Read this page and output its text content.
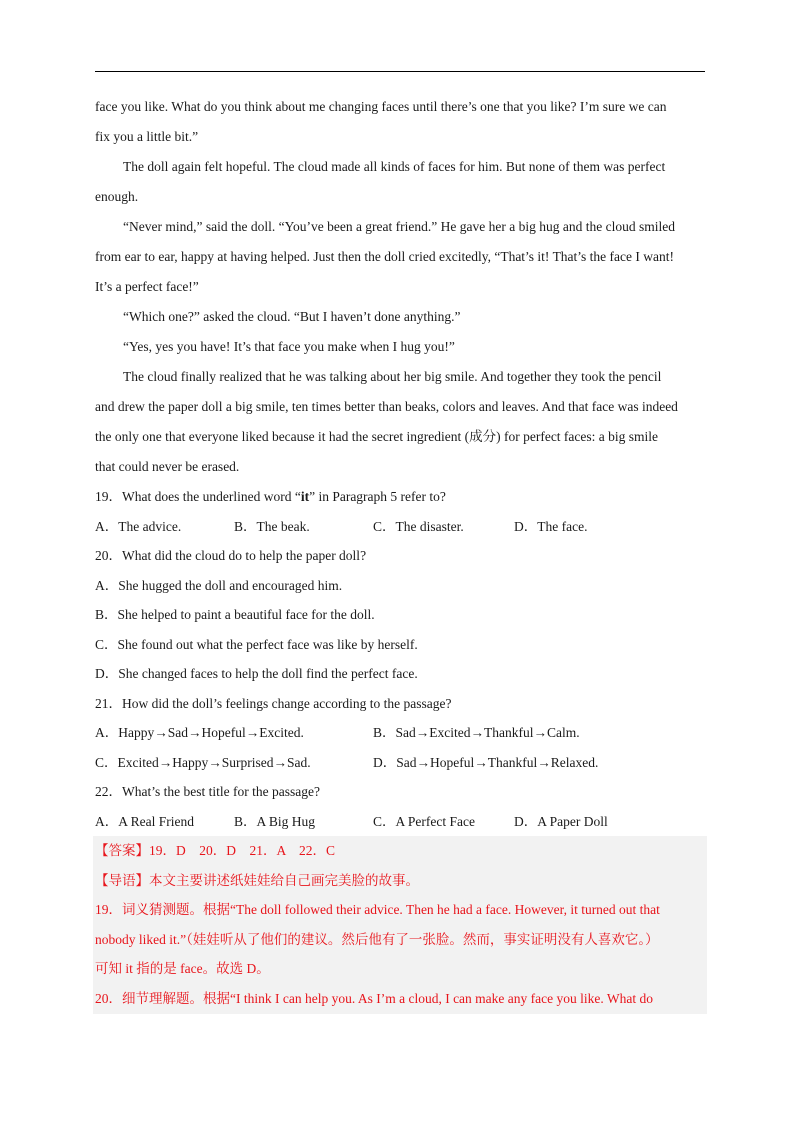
face you like. What do you think about me changing faces until there’s one that you like? I’m sure we can
fix you a little bit.”
The doll again felt hopeful. The cloud made all kinds of faces for him. But none of them was perfect
enough.
“Never mind,” said the doll. “You’ve been a great friend.” He gave her a big hug and the cloud smiled
from ear to ear, happy at having helped. Just then the doll cried excitedly, “That’s it! That’s the face I want!
It’s a perfect face!”
“Which one?” asked the cloud. “But I haven’t done anything.”
“Yes, yes you have! It’s that face you make when I hug you!”
The cloud finally realized that he was talking about her big smile. And together they took the pencil
and drew the paper doll a big smile, ten times better than beaks, colors and leaves. And that face was indeed
the only one that everyone liked because it had the secret ingredient (成分) for perfect faces: a big smile
that could never be erased.
19．What does the underlined word “it” in Paragraph 5 refer to?
A．The advice.	B．The beak.	C．The disaster.	D．The face.
20．What did the cloud do to help the paper doll?
A．She hugged the doll and encouraged him.
B．She helped to paint a beautiful face for the doll.
C．She found out what the perfect face was like by herself.
D．She changed faces to help the doll find the perfect face.
21．How did the doll’s feelings change according to the passage?
A．Happy→Sad→Hopeful→Excited.	B．Sad→Excited→Thankful→Calm.
C．Excited→Happy→Surprised→Sad.	D．Sad→Hopeful→Thankful→Relaxed.
22．What’s the best title for the passage?
A．A Real Friend	B．A Big Hug	C．A Perfect Face	D．A Paper Doll
【答案】19．D　20．D　21．A　22．C
【导语】本文主要讲述纸娃娃给自己画完美脸的故事。
19．词义猜测题。根据“The doll followed their advice. Then he had a face. However, it turned out that
nobody liked it.”（娃娃听从了他们的建议。然后他有了一张脸。然而，事实证明没有人喜欢它。）
可知 it 指的是 face。故选 D。
20．细节理解题。根据“I think I can help you. As I’m a cloud, I can make any face you like. What do
